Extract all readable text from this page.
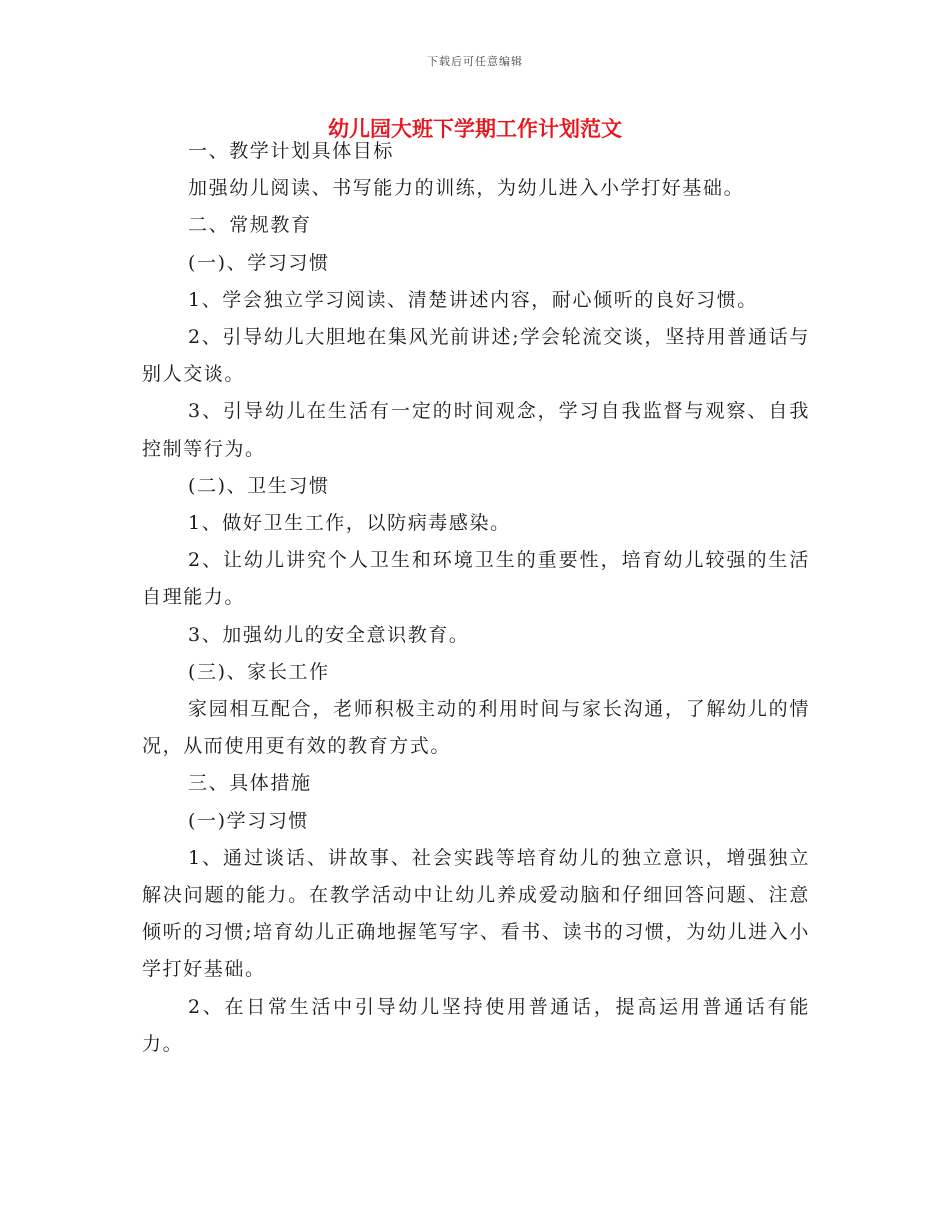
下载后可任意编辑
幼儿园大班下学期工作计划范文

一、教学计划具体目标

加强幼儿阅读、书写能力的训练，为幼儿进入小学打好基础。

二、常规教育

(一)、学习习惯

1、学会独立学习阅读、清楚讲述内容，耐心倾听的良好习惯。

2、引导幼儿大胆地在集风光前讲述;学会轮流交谈，坚持用普通话与别人交谈。

3、引导幼儿在生活有一定的时间观念，学习自我监督与观察、自我控制等行为。

(二)、卫生习惯

1、做好卫生工作，以防病毒感染。

2、让幼儿讲究个人卫生和环境卫生的重要性，培育幼儿较强的生活自理能力。

3、加强幼儿的安全意识教育。

(三)、家长工作

家园相互配合，老师积极主动的利用时间与家长沟通，了解幼儿的情况，从而使用更有效的教育方式。

三、具体措施

(一)学习习惯

1、通过谈话、讲故事、社会实践等培育幼儿的独立意识，增强独立解决问题的能力。在教学活动中让幼儿养成爱动脑和仔细回答问题、注意倾听的习惯;培育幼儿正确地握笔写字、看书、读书的习惯，为幼儿进入小学打好基础。

2、在日常生活中引导幼儿坚持使用普通话，提高运用普通话有能力。
